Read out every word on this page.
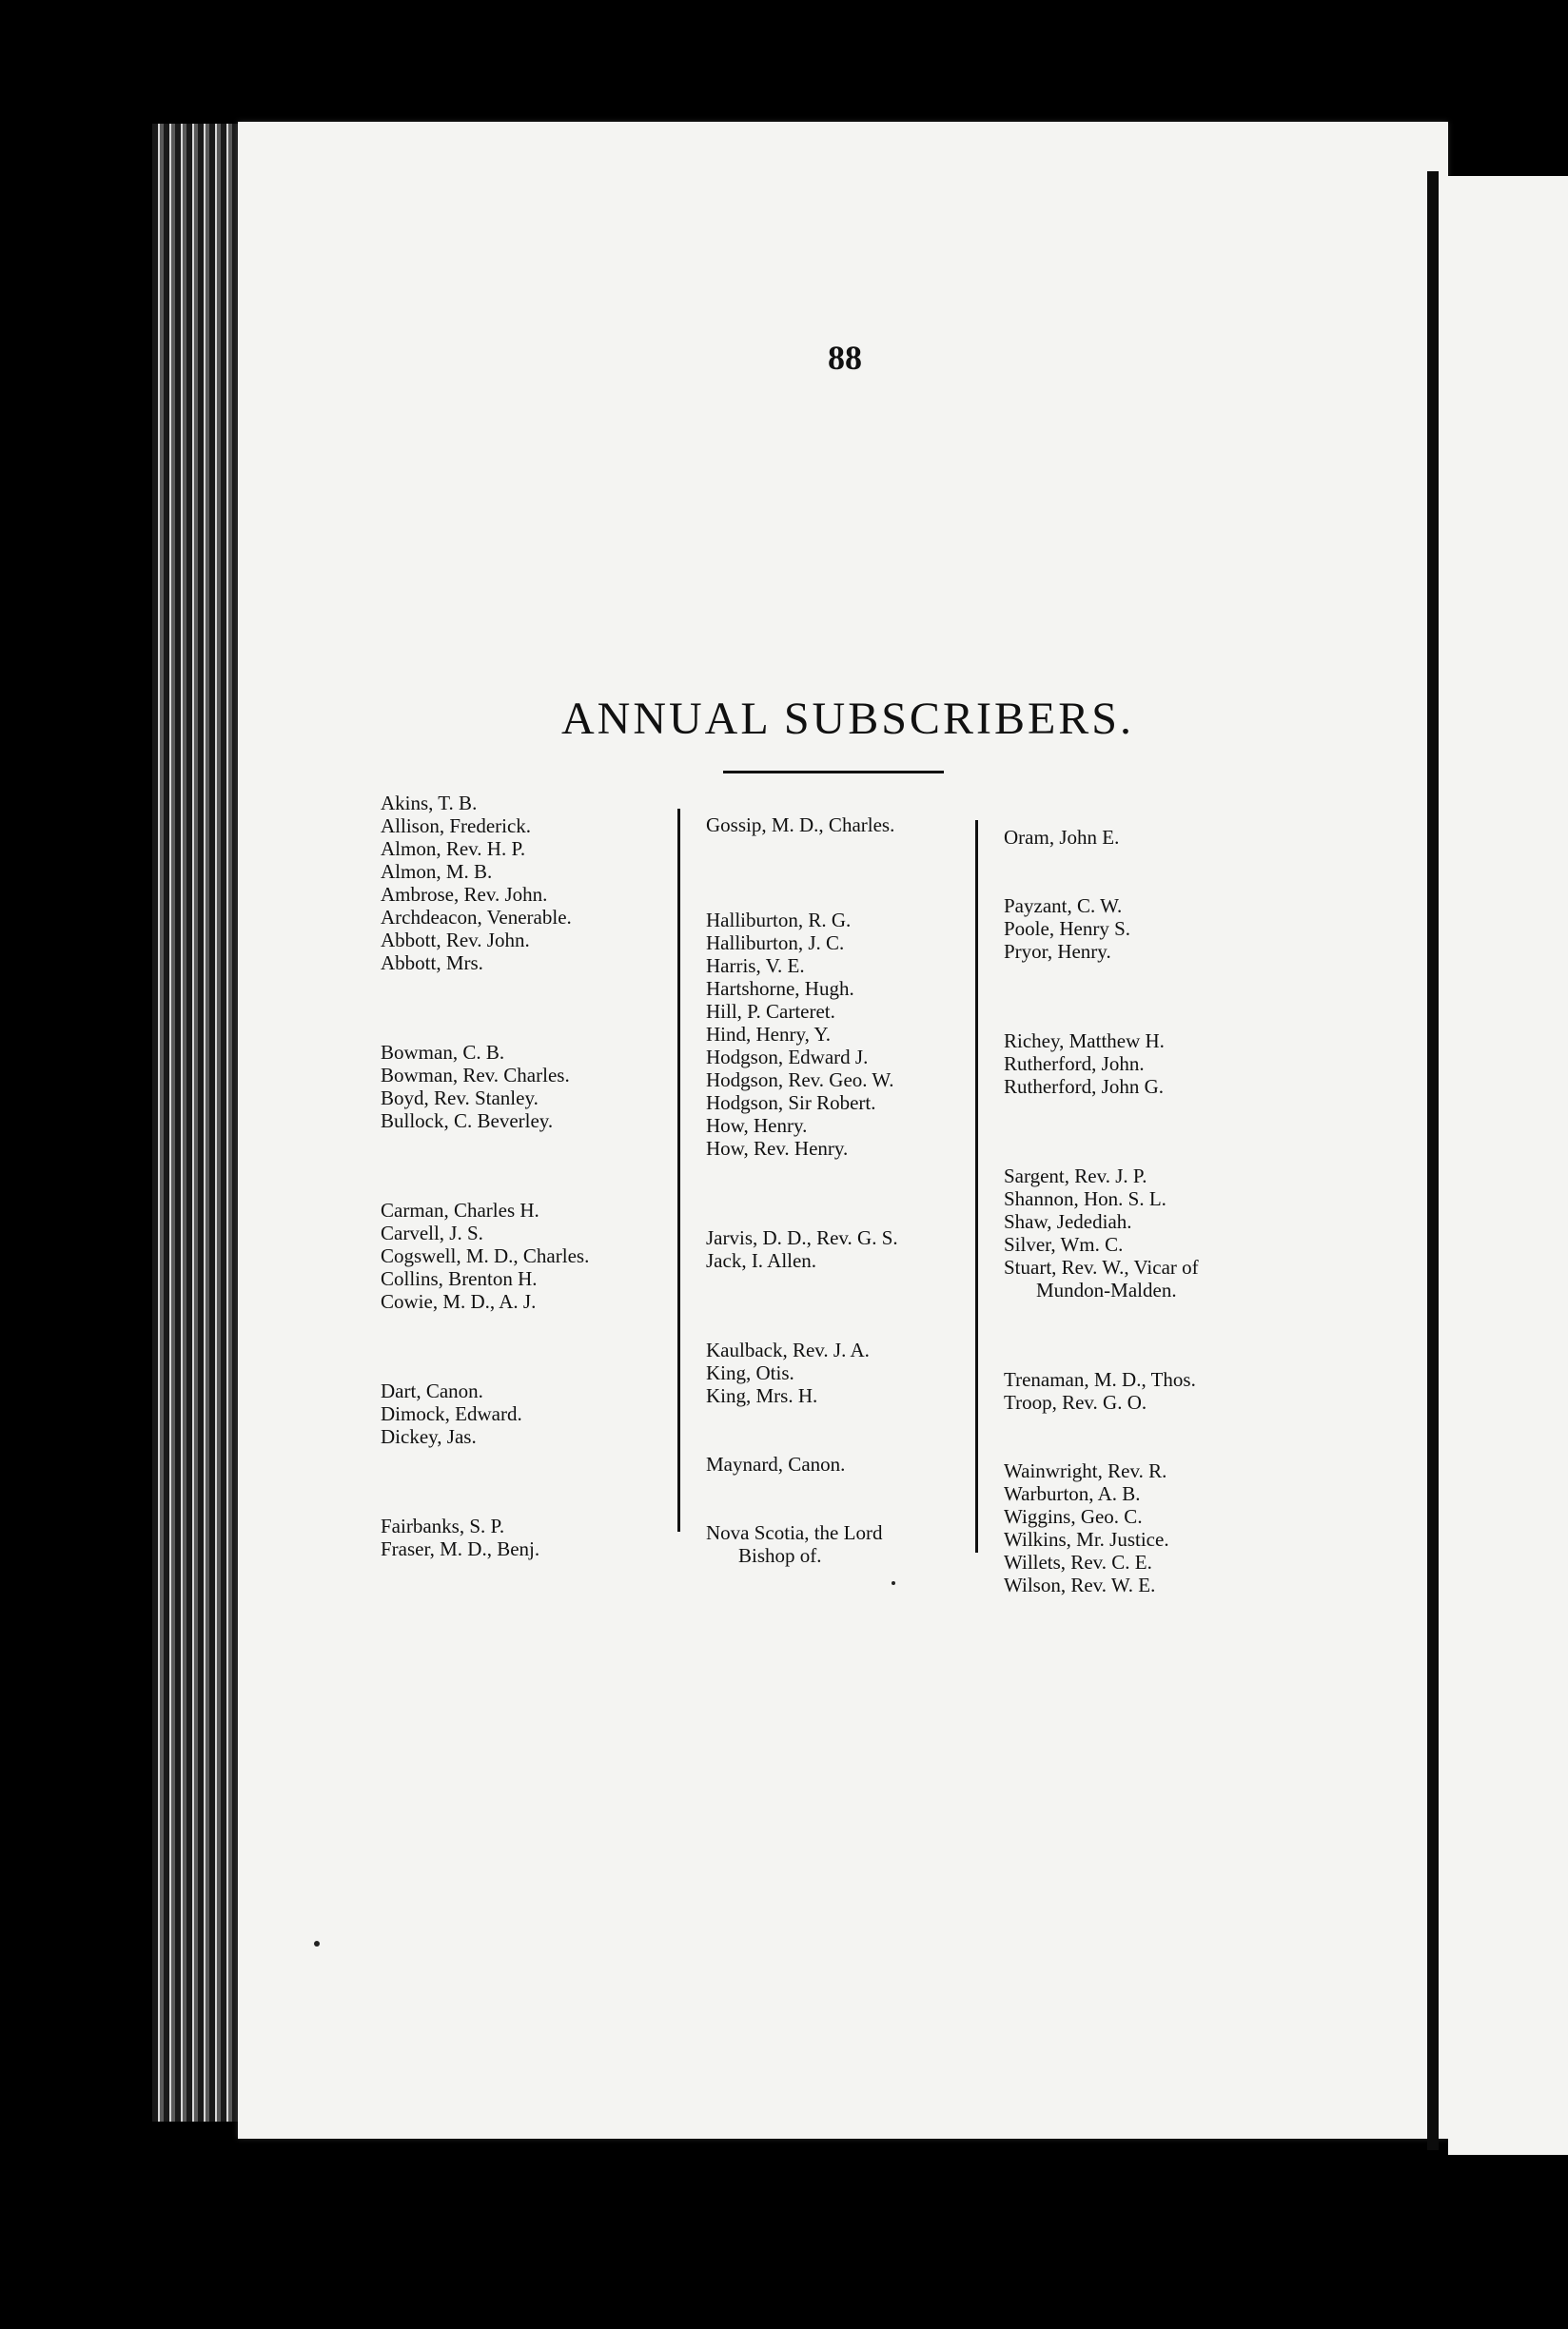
88
ANNUAL SUBSCRIBERS.
Akins, T. B.
Allison, Frederick.
Almon, Rev. H. P.
Almon, M. B.
Ambrose, Rev. John.
Archdeacon, Venerable.
Abbott, Rev. John.
Abbott, Mrs.
Bowman, C. B.
Bowman, Rev. Charles.
Boyd, Rev. Stanley.
Bullock, C. Beverley.
Carman, Charles H.
Carvell, J. S.
Cogswell, M. D., Charles.
Collins, Brenton H.
Cowie, M. D., A. J.
Dart, Canon.
Dimock, Edward.
Dickey, Jas.
Fairbanks, S. P.
Fraser, M. D., Benj.
Gossip, M. D., Charles.
Halliburton, R. G.
Halliburton, J. C.
Harris, V. E.
Hartshorne, Hugh.
Hill, P. Carteret.
Hind, Henry, Y.
Hodgson, Edward J.
Hodgson, Rev. Geo. W.
Hodgson, Sir Robert.
How, Henry.
How, Rev. Henry.
Jarvis, D. D., Rev. G. S.
Jack, I. Allen.
Kaulback, Rev. J. A.
King, Otis.
King, Mrs. H.
Maynard, Canon.
Nova Scotia, the Lord
Bishop of.
Oram, John E.
Payzant, C. W.
Poole, Henry S.
Pryor, Henry.
Richey, Matthew H.
Rutherford, John.
Rutherford, John G.
Sargent, Rev. J. P.
Shannon, Hon. S. L.
Shaw, Jedediah.
Silver, Wm. C.
Stuart, Rev. W., Vicar of
Mundon-Malden.
Trenaman, M. D., Thos.
Troop, Rev. G. O.
Wainwright, Rev. R.
Warburton, A. B.
Wiggins, Geo. C.
Wilkins, Mr. Justice.
Willets, Rev. C. E.
Wilson, Rev. W. E.
